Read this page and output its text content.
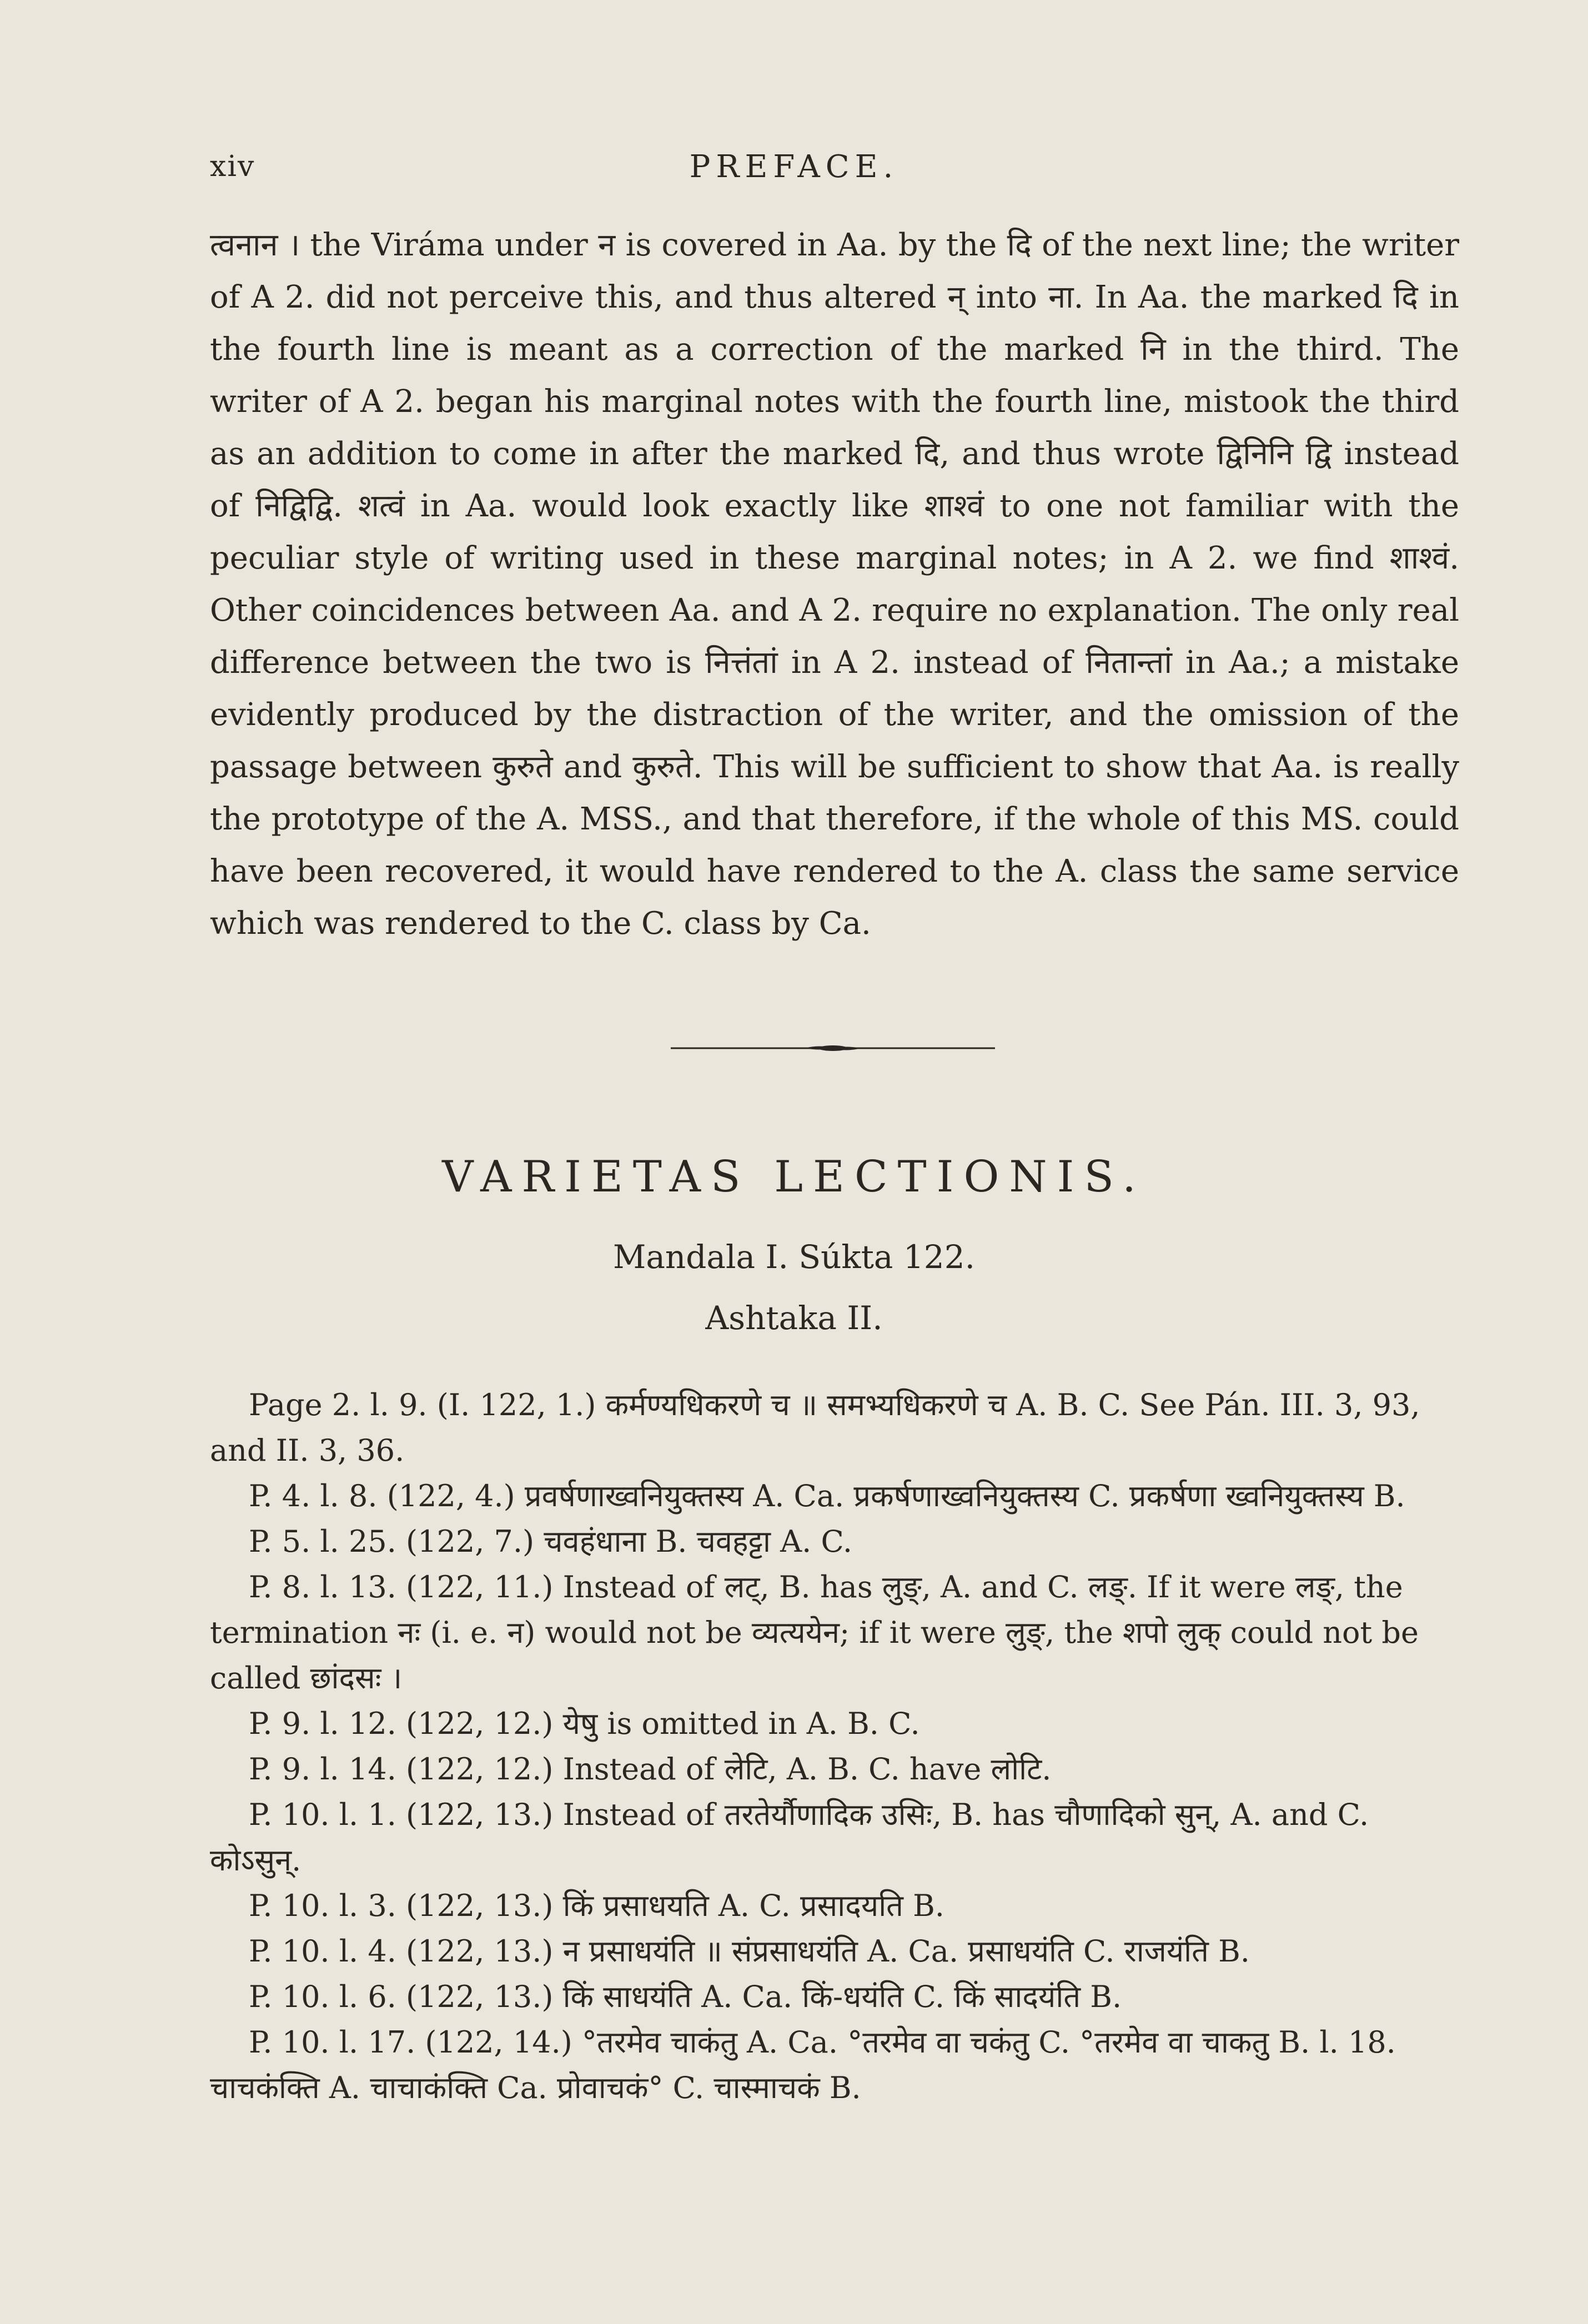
xiv	PREFACE.

त्वनान । the Viráma under न is covered in Aa. by the दि of the next line; the writer of A 2. did not perceive this, and thus altered न् into ना. In Aa. the marked दि in the fourth line is meant as a correction of the marked नि in the third. The writer of A 2. began his marginal notes with the fourth line, mistook the third as an addition to come in after the marked दि, and thus wrote द्विनिनि द्वि instead of निद्विद्वि. शत्वं in Aa. would look exactly like शाश्वं to one not familiar with the peculiar style of writing used in these marginal notes; in A 2. we find शाश्वं. Other coincidences between Aa. and A 2. require no explanation. The only real difference between the two is नित्तंतां in A 2. instead of नितान्तां in Aa.; a mistake evidently produced by the distraction of the writer, and the omission of the passage between कुरुते and कुरुते. This will be sufficient to show that Aa. is really the prototype of the A. MSS., and that therefore, if the whole of this MS. could have been recovered, it would have rendered to the A. class the same service which was rendered to the C. class by Ca.

VARIETAS LECTIONIS.
Mandala I. Súkta 122.
Ashtaka II.

Page 2. l. 9. (I. 122, 1.) कर्मण्यधिकरणे च ॥ समभ्यधिकरणे च A. B. C. See Pán. III. 3, 93, and II. 3, 36.

P. 4. l. 8. (122, 4.) प्रवर्षणाख्वनियुक्तस्य A. Ca. प्रकर्षणाख्वनियुक्तस्य C. प्रकर्षणा ख्वनियुक्तस्य B.

P. 5. l. 25. (122, 7.) चवहंधाना B. चवहट्टा A. C.

P. 8. l. 13. (122, 11.) Instead of लट्, B. has लुङ्, A. and C. लङ्. If it were लङ्, the termination नः (i. e. न) would not be व्यत्ययेन; if it were लुङ्, the शपो लुक् could not be called छांदसः ।

P. 9. l. 12. (122, 12.) येषु is omitted in A. B. C.

P. 9. l. 14. (122, 12.) Instead of लेटि, A. B. C. have लोटि.

P. 10. l. 1. (122, 13.) Instead of तरतेर्यौणादिक उसिः, B. has चौणादिको सुन्, A. and C. कोऽसुन्.

P. 10. l. 3. (122, 13.) किं प्रसाधयति A. C. प्रसादयति B.

P. 10. l. 4. (122, 13.) न प्रसाधयंति ॥ संप्रसाधयंति A. Ca. प्रसाधयंति C. राजयंति B.

P. 10. l. 6. (122, 13.) किं साधयंति A. Ca. किं-धयंति C. किं सादयंति B.

P. 10. l. 17. (122, 14.) °तरमेव चाकंतु A. Ca. °तरमेव वा चकंतु C. °तरमेव वा चाकतु B. l. 18. चाचकंक्ति A. चाचाकंक्ति Ca. प्रोवाचकं° C. चास्माचकं B.
